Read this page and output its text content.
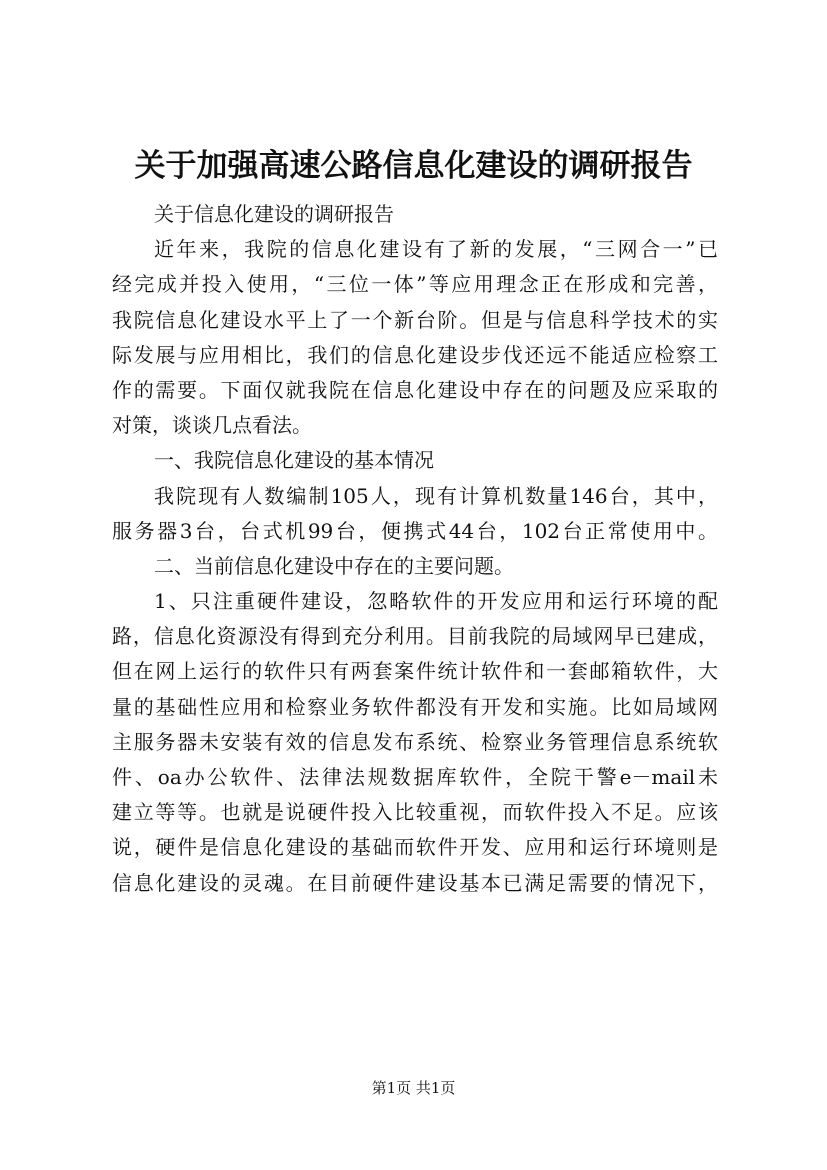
关于加强高速公路信息化建设的调研报告
关于信息化建设的调研报告
近年来，我院的信息化建设有了新的发展，“三网合一”已
经完成并投入使用，“三位一体”等应用理念正在形成和完善，
我院信息化建设水平上了一个新台阶。但是与信息科学技术的实
际发展与应用相比，我们的信息化建设步伐还远不能适应检察工
作的需要。下面仅就我院在信息化建设中存在的问题及应采取的
对策，谈谈几点看法。
一、我院信息化建设的基本情况
我院现有人数编制105人，现有计算机数量146台，其中，
服务器3台，台式机99台，便携式44台，102台正常使用中。
二、当前信息化建设中存在的主要问题。
1、只注重硬件建设，忽略软件的开发应用和运行环境的配
路，信息化资源没有得到充分利用。目前我院的局域网早已建成，
但在网上运行的软件只有两套案件统计软件和一套邮箱软件，大
量的基础性应用和检察业务软件都没有开发和实施。比如局域网
主服务器未安装有效的信息发布系统、检察业务管理信息系统软
件、oa办公软件、法律法规数据库软件，全院干警e－mail未
建立等等。也就是说硬件投入比较重视，而软件投入不足。应该
说，硬件是信息化建设的基础而软件开发、应用和运行环境则是
信息化建设的灵魂。在目前硬件建设基本已满足需要的情况下，
第1页 共1页
